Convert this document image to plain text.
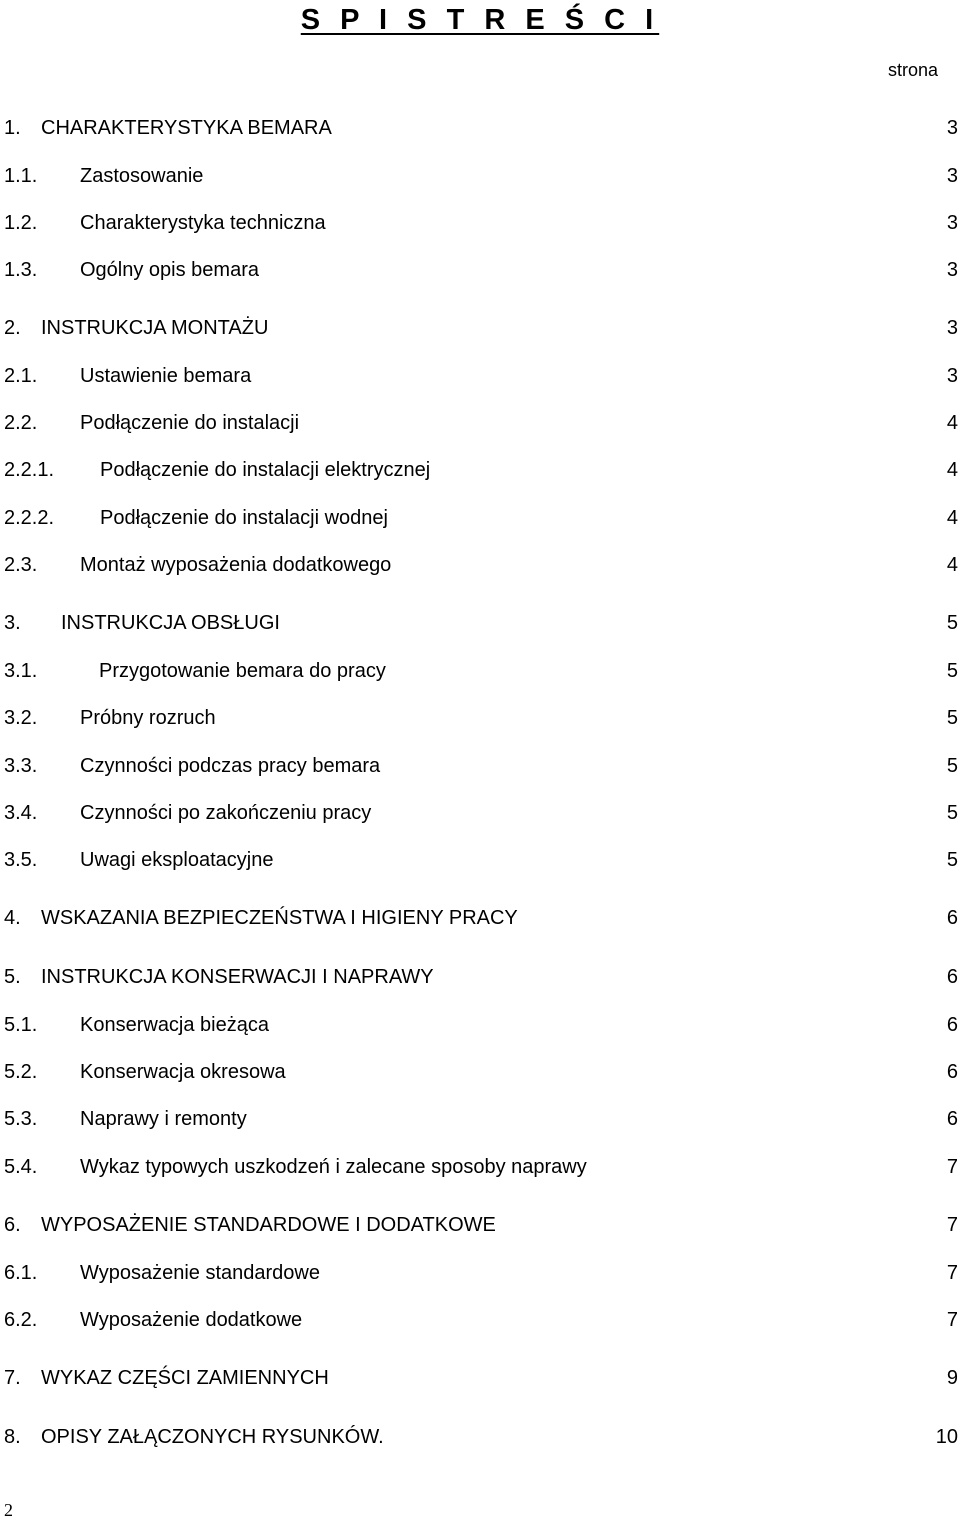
S P I S T R E Ś C I
strona
1. CHARAKTERYSTYKA BEMARA	3
1.1. Zastosowanie	3
1.2. Charakterystyka techniczna	3
1.3. Ogólny opis bemara	3
2. INSTRUKCJA MONTAŻU	3
2.1. Ustawienie bemara	3
2.2. Podłączenie do instalacji	4
2.2.1. Podłączenie do instalacji elektrycznej	4
2.2.2. Podłączenie do instalacji wodnej	4
2.3. Montaż wyposażenia dodatkowego	4
3. INSTRUKCJA OBSŁUGI	5
3.1.	Przygotowanie bemara do pracy	5
3.2. Próbny rozruch	5
3.3. Czynności podczas pracy bemara	5
3.4. Czynności po zakończeniu pracy	5
3.5. Uwagi eksploatacyjne	5
4. WSKAZANIA BEZPIECZEŃSTWA I HIGIENY PRACY	6
5. INSTRUKCJA KONSERWACJI I NAPRAWY	6
5.1. Konserwacja bieżąca	6
5.2. Konserwacja okresowa	6
5.3. Naprawy i remonty	6
5.4. Wykaz typowych uszkodzeń i zalecane sposoby naprawy	7
6. WYPOSAŻENIE STANDARDOWE I DODATKOWE	7
6.1. Wyposażenie standardowe	7
6.2. Wyposażenie dodatkowe	7
7. WYKAZ CZĘŚCI ZAMIENNYCH	9
8. OPISY ZAŁĄCZONYCH RYSUNKÓW.	10
2
